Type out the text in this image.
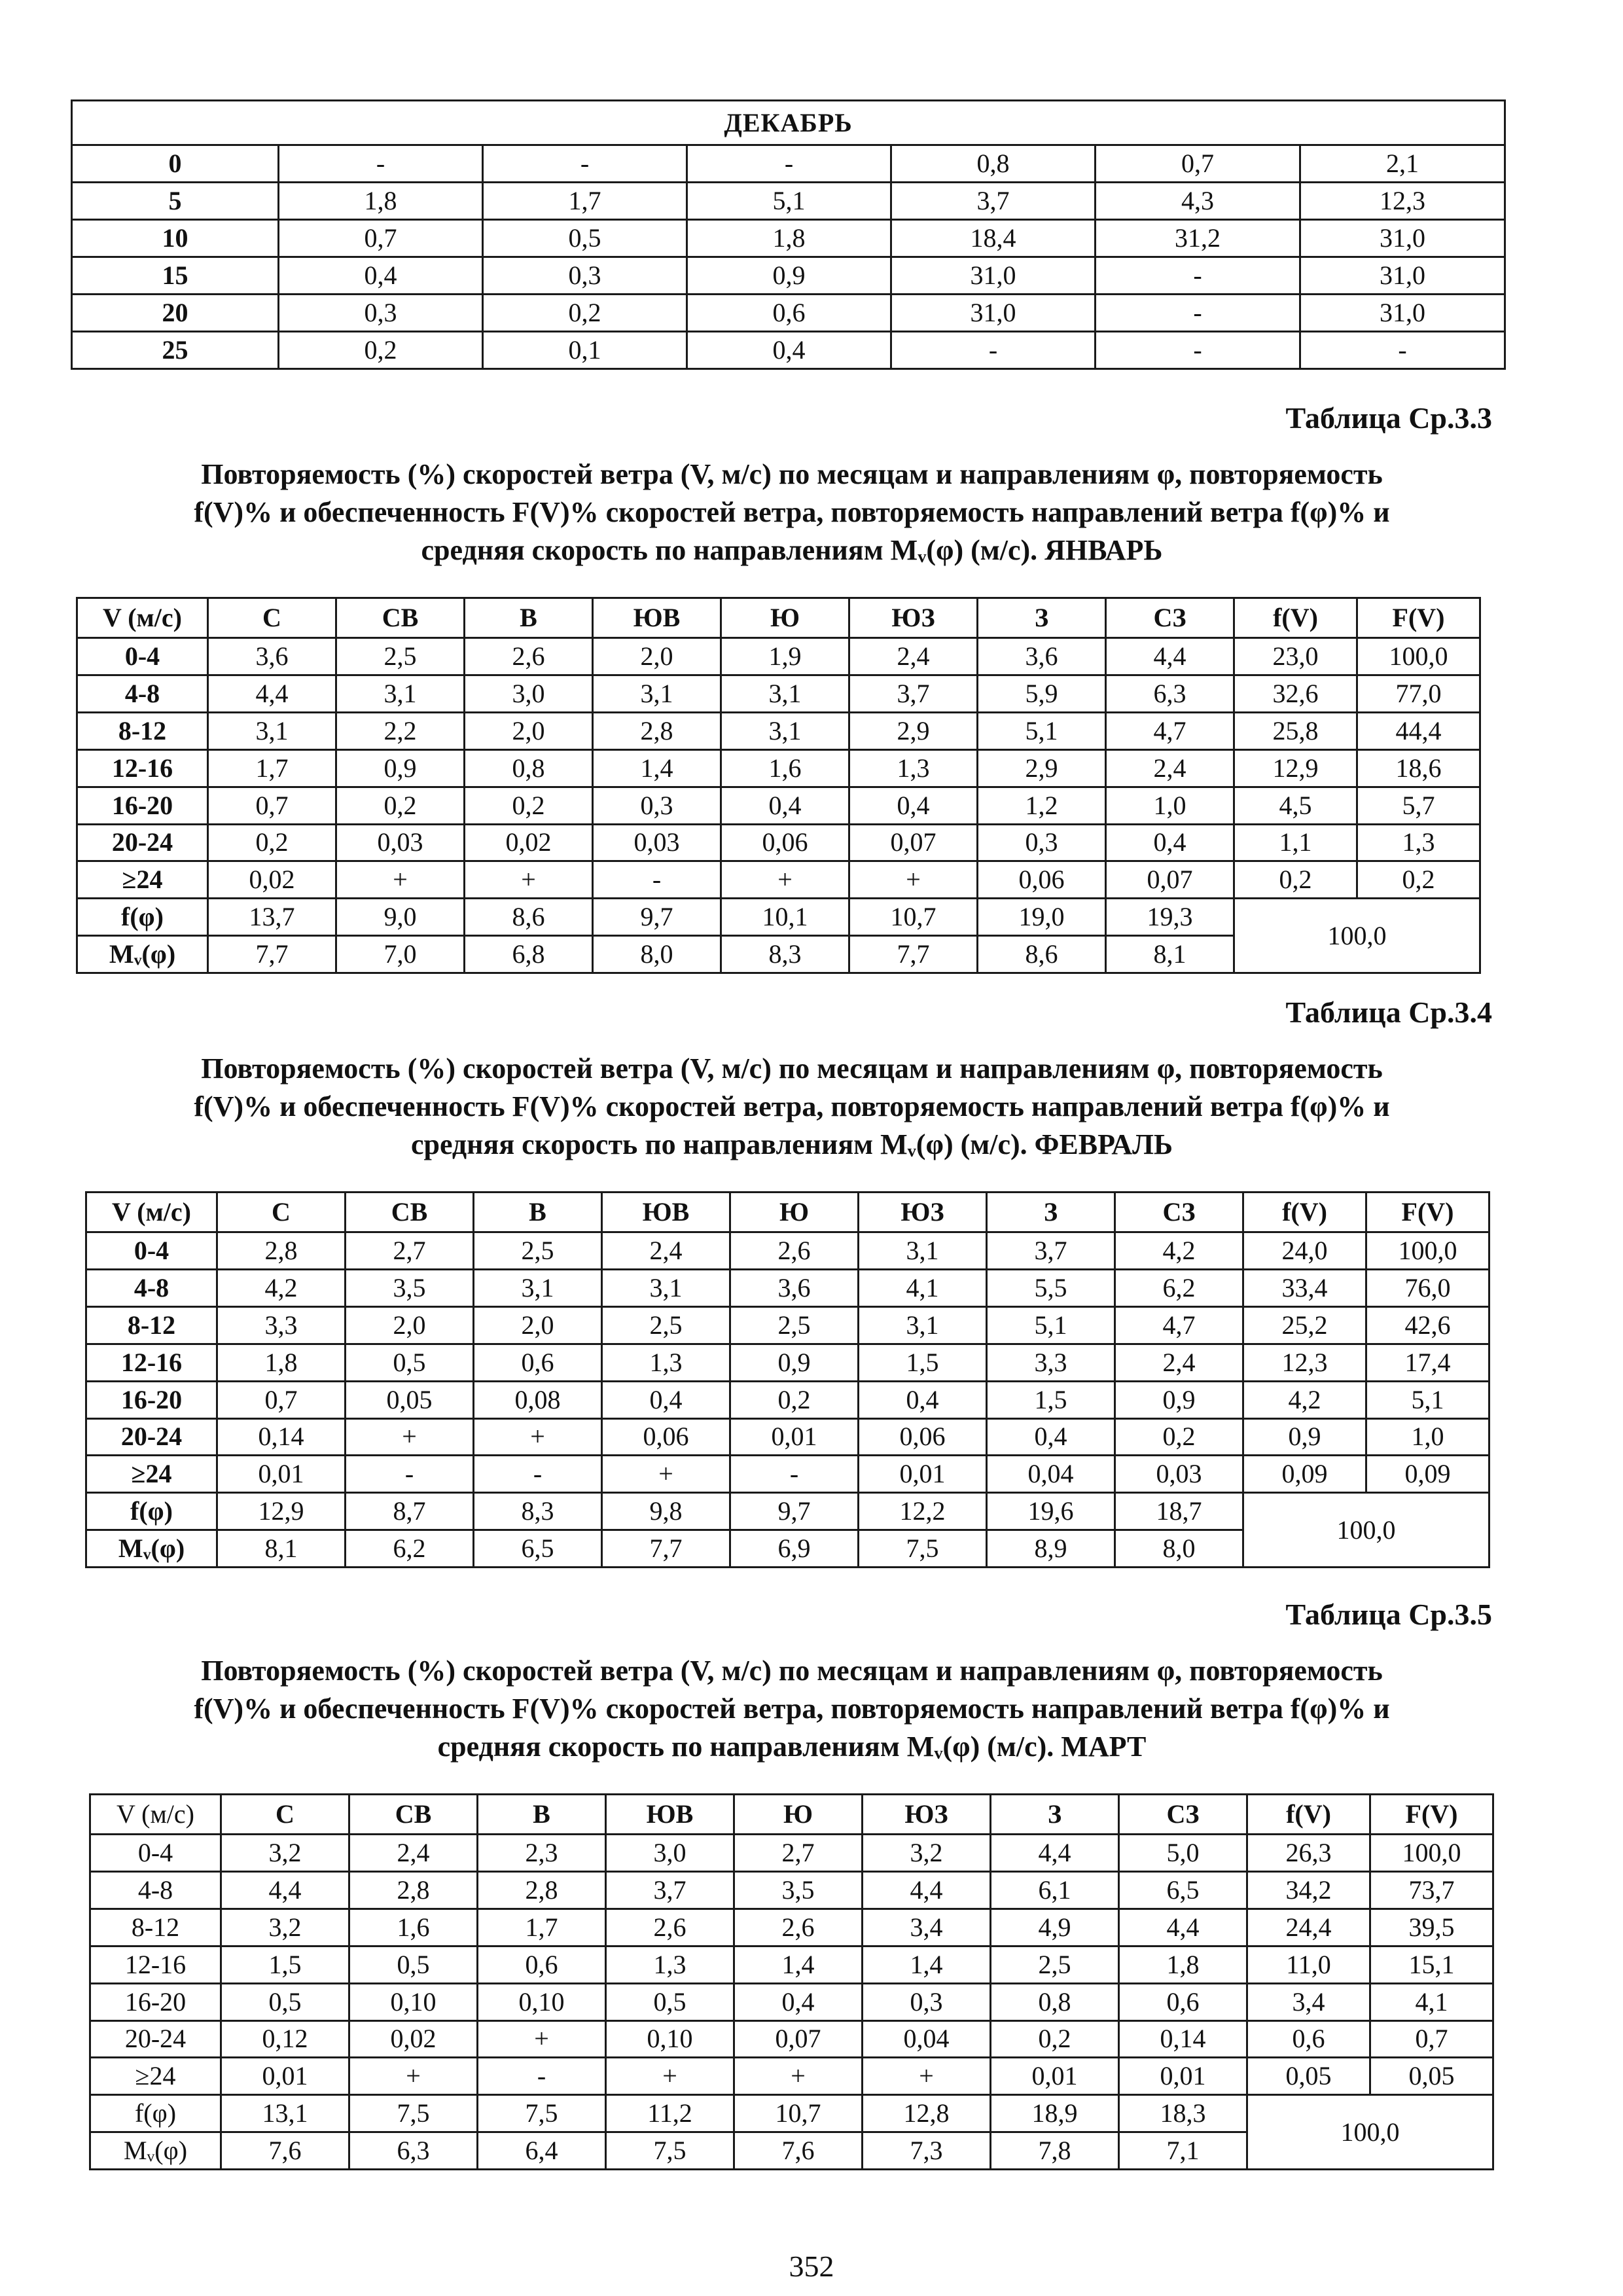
ДЕКАБРЬ						
0	-	-	-	0,8	0,7	2,1
5	1,8	1,7	5,1	3,7	4,3	12,3
10	0,7	0,5	1,8	18,4	31,2	31,0
15	0,4	0,3	0,9	31,0	-	31,0
20	0,3	0,2	0,6	31,0	-	31,0
25	0,2	0,1	0,4	-	-	-
Таблица Ср.3.3
Повторяемость (%) скоростей ветра (V, м/с) по месяцам и направлениям φ, повторяемость
f(V)% и обеспеченность F(V)% скоростей ветра, повторяемость направлений ветра f(φ)% и
средняя скорость по направлениям Mᵥ(φ) (м/с). ЯНВАРЬ
V (м/с)	С	СВ	В	ЮВ	Ю	ЮЗ	З	СЗ	f(V)	F(V)
0-4	3,6	2,5	2,6	2,0	1,9	2,4	3,6	4,4	23,0	100,0
4-8	4,4	3,1	3,0	3,1	3,1	3,7	5,9	6,3	32,6	77,0
8-12	3,1	2,2	2,0	2,8	3,1	2,9	5,1	4,7	25,8	44,4
12-16	1,7	0,9	0,8	1,4	1,6	1,3	2,9	2,4	12,9	18,6
16-20	0,7	0,2	0,2	0,3	0,4	0,4	1,2	1,0	4,5	5,7
20-24	0,2	0,03	0,02	0,03	0,06	0,07	0,3	0,4	1,1	1,3
≥24	0,02	+	+	-	+	+	0,06	0,07	0,2	0,2
f(φ)	13,7	9,0	8,6	9,7	10,1	10,7	19,0	19,3	100,0	
Mᵥ(φ)	7,7	7,0	6,8	8,0	8,3	7,7	8,6	8,1		
Таблица Ср.3.4
Повторяемость (%) скоростей ветра (V, м/с) по месяцам и направлениям φ, повторяемость
f(V)% и обеспеченность F(V)% скоростей ветра, повторяемость направлений ветра f(φ)% и
средняя скорость по направлениям Mᵥ(φ) (м/с). ФЕВРАЛЬ
V (м/с)	С	СВ	В	ЮВ	Ю	ЮЗ	З	СЗ	f(V)	F(V)
0-4	2,8	2,7	2,5	2,4	2,6	3,1	3,7	4,2	24,0	100,0
4-8	4,2	3,5	3,1	3,1	3,6	4,1	5,5	6,2	33,4	76,0
8-12	3,3	2,0	2,0	2,5	2,5	3,1	5,1	4,7	25,2	42,6
12-16	1,8	0,5	0,6	1,3	0,9	1,5	3,3	2,4	12,3	17,4
16-20	0,7	0,05	0,08	0,4	0,2	0,4	1,5	0,9	4,2	5,1
20-24	0,14	+	+	0,06	0,01	0,06	0,4	0,2	0,9	1,0
≥24	0,01	-	-	+	-	0,01	0,04	0,03	0,09	0,09
f(φ)	12,9	8,7	8,3	9,8	9,7	12,2	19,6	18,7	100,0	
Mᵥ(φ)	8,1	6,2	6,5	7,7	6,9	7,5	8,9	8,0		
Таблица Ср.3.5
Повторяемость (%) скоростей ветра (V, м/с) по месяцам и направлениям φ, повторяемость
f(V)% и обеспеченность F(V)% скоростей ветра, повторяемость направлений ветра f(φ)% и
средняя скорость по направлениям Mᵥ(φ) (м/с). МАРТ
V (м/с)	С	СВ	В	ЮВ	Ю	ЮЗ	З	СЗ	f(V)	F(V)
0-4	3,2	2,4	2,3	3,0	2,7	3,2	4,4	5,0	26,3	100,0
4-8	4,4	2,8	2,8	3,7	3,5	4,4	6,1	6,5	34,2	73,7
8-12	3,2	1,6	1,7	2,6	2,6	3,4	4,9	4,4	24,4	39,5
12-16	1,5	0,5	0,6	1,3	1,4	1,4	2,5	1,8	11,0	15,1
16-20	0,5	0,10	0,10	0,5	0,4	0,3	0,8	0,6	3,4	4,1
20-24	0,12	0,02	+	0,10	0,07	0,04	0,2	0,14	0,6	0,7
≥24	0,01	+	-	+	+	+	0,01	0,01	0,05	0,05
f(φ)	13,1	7,5	7,5	11,2	10,7	12,8	18,9	18,3	100,0	
Mᵥ(φ)	7,6	6,3	6,4	7,5	7,6	7,3	7,8	7,1		
352
